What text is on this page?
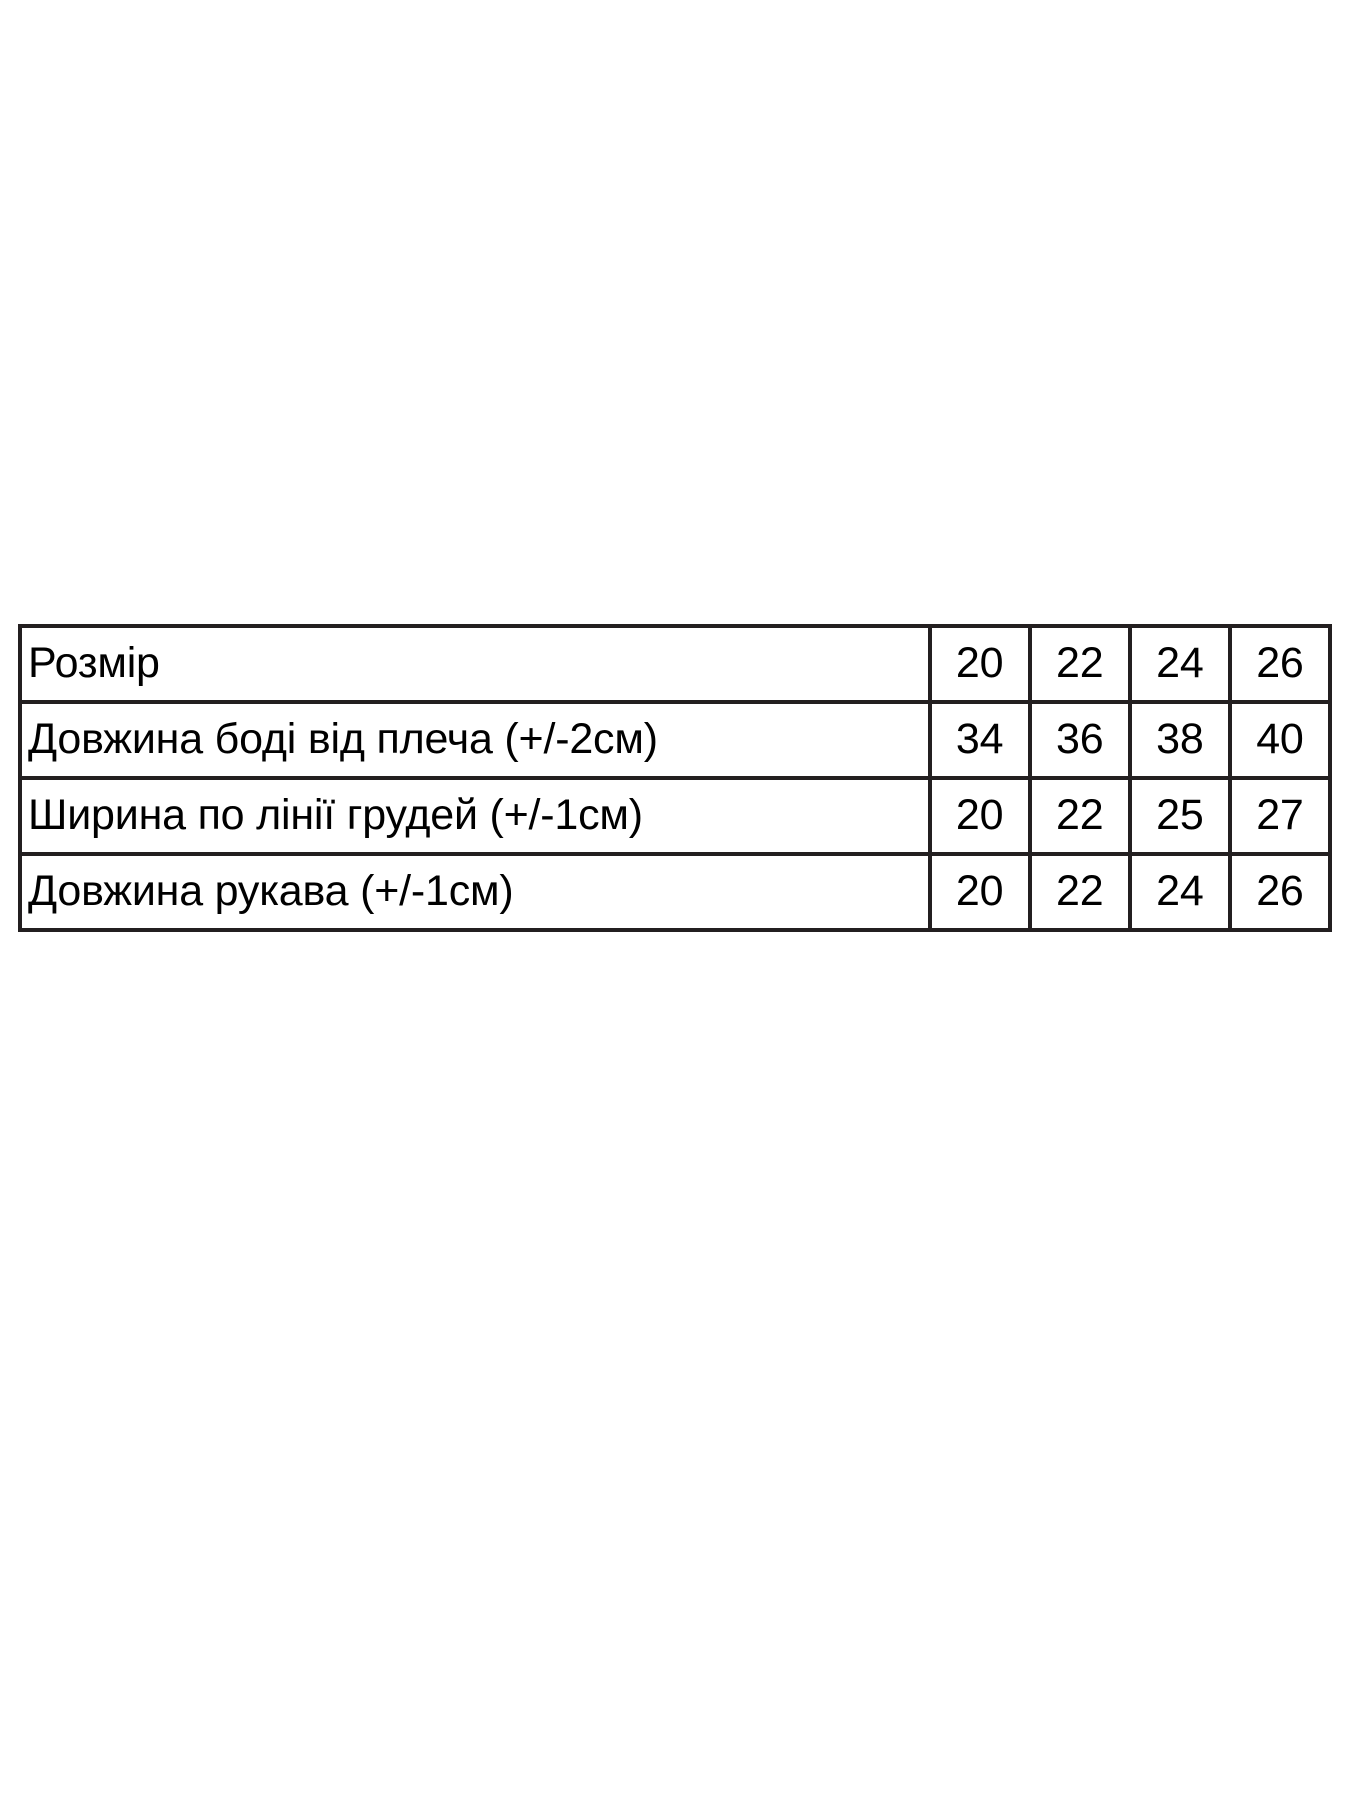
Розмір	20	22	24	26
Довжина боді від плеча (+/-2см)	34	36	38	40
Ширина по лінії грудей (+/-1см)	20	22	25	27
Довжина рукава (+/-1см)	20	22	24	26
